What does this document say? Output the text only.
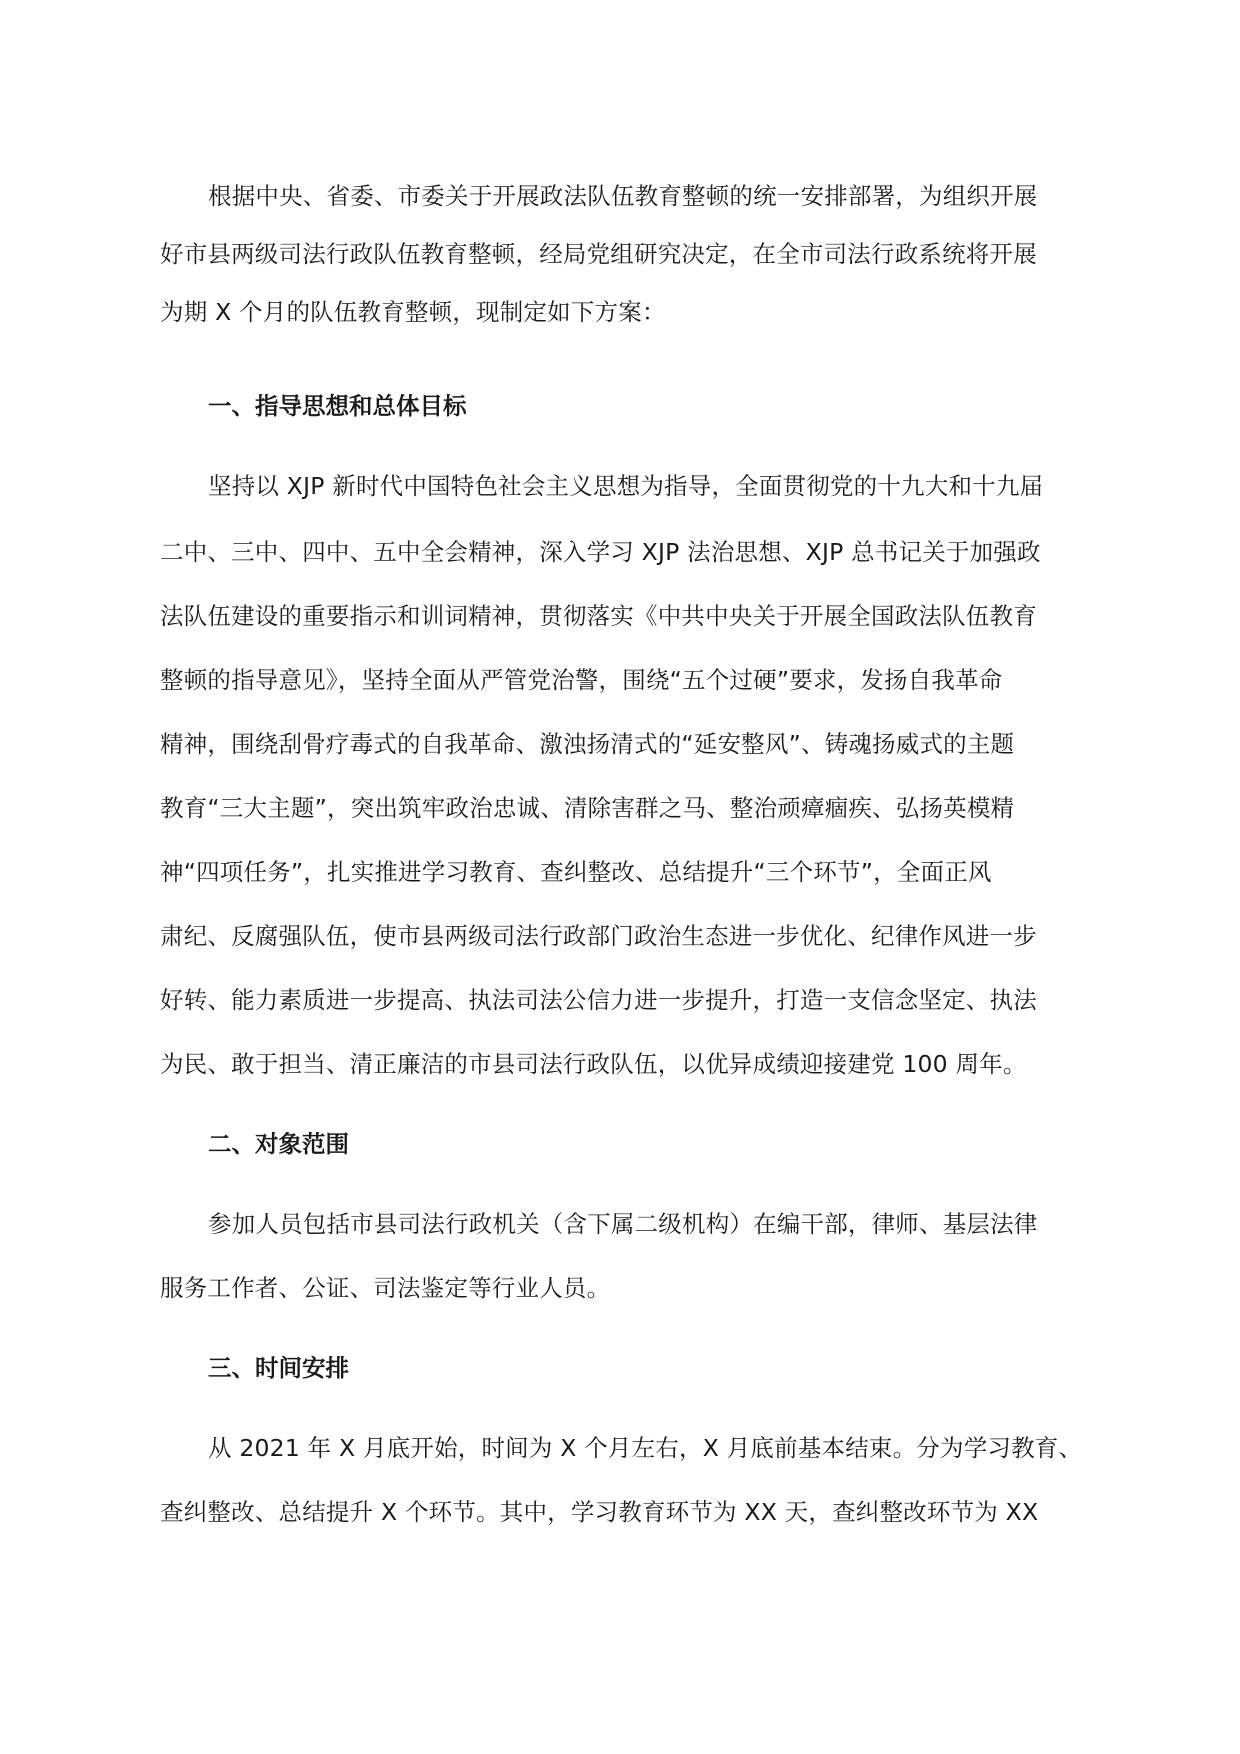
根据中央、省委、市委关于开展政法队伍教育整顿的统一安排部署，为组织开展
好市县两级司法行政队伍教育整顿，经局党组研究决定，在全市司法行政系统将开展
为期 X 个月的队伍教育整顿，现制定如下方案：
一、指导思想和总体目标
坚持以 XJP 新时代中国特色社会主义思想为指导，全面贯彻党的十九大和十九届
二中、三中、四中、五中全会精神，深入学习 XJP 法治思想、XJP 总书记关于加强政
法队伍建设的重要指示和训词精神，贯彻落实《中共中央关于开展全国政法队伍教育
整顿的指导意见》，坚持全面从严管党治警，围绕“五个过硬”要求，发扬自我革命
精神，围绕刮骨疗毒式的自我革命、激浊扬清式的“延安整风”、铸魂扬威式的主题
教育“三大主题”，突出筑牢政治忠诚、清除害群之马、整治顽瘴痼疾、弘扬英模精
神“四项任务”，扎实推进学习教育、查纠整改、总结提升“三个环节”，全面正风
肃纪、反腐强队伍，使市县两级司法行政部门政治生态进一步优化、纪律作风进一步
好转、能力素质进一步提高、执法司法公信力进一步提升，打造一支信念坚定、执法
为民、敢于担当、清正廉洁的市县司法行政队伍，以优异成绩迎接建党 100 周年。
二、对象范围
参加人员包括市县司法行政机关（含下属二级机构）在编干部，律师、基层法律
服务工作者、公证、司法鉴定等行业人员。
三、时间安排
从 2021 年 X 月底开始，时间为 X 个月左右，X 月底前基本结束。分为学习教育、
查纠整改、总结提升 X 个环节。其中，学习教育环节为 XX 天，查纠整改环节为 XX
